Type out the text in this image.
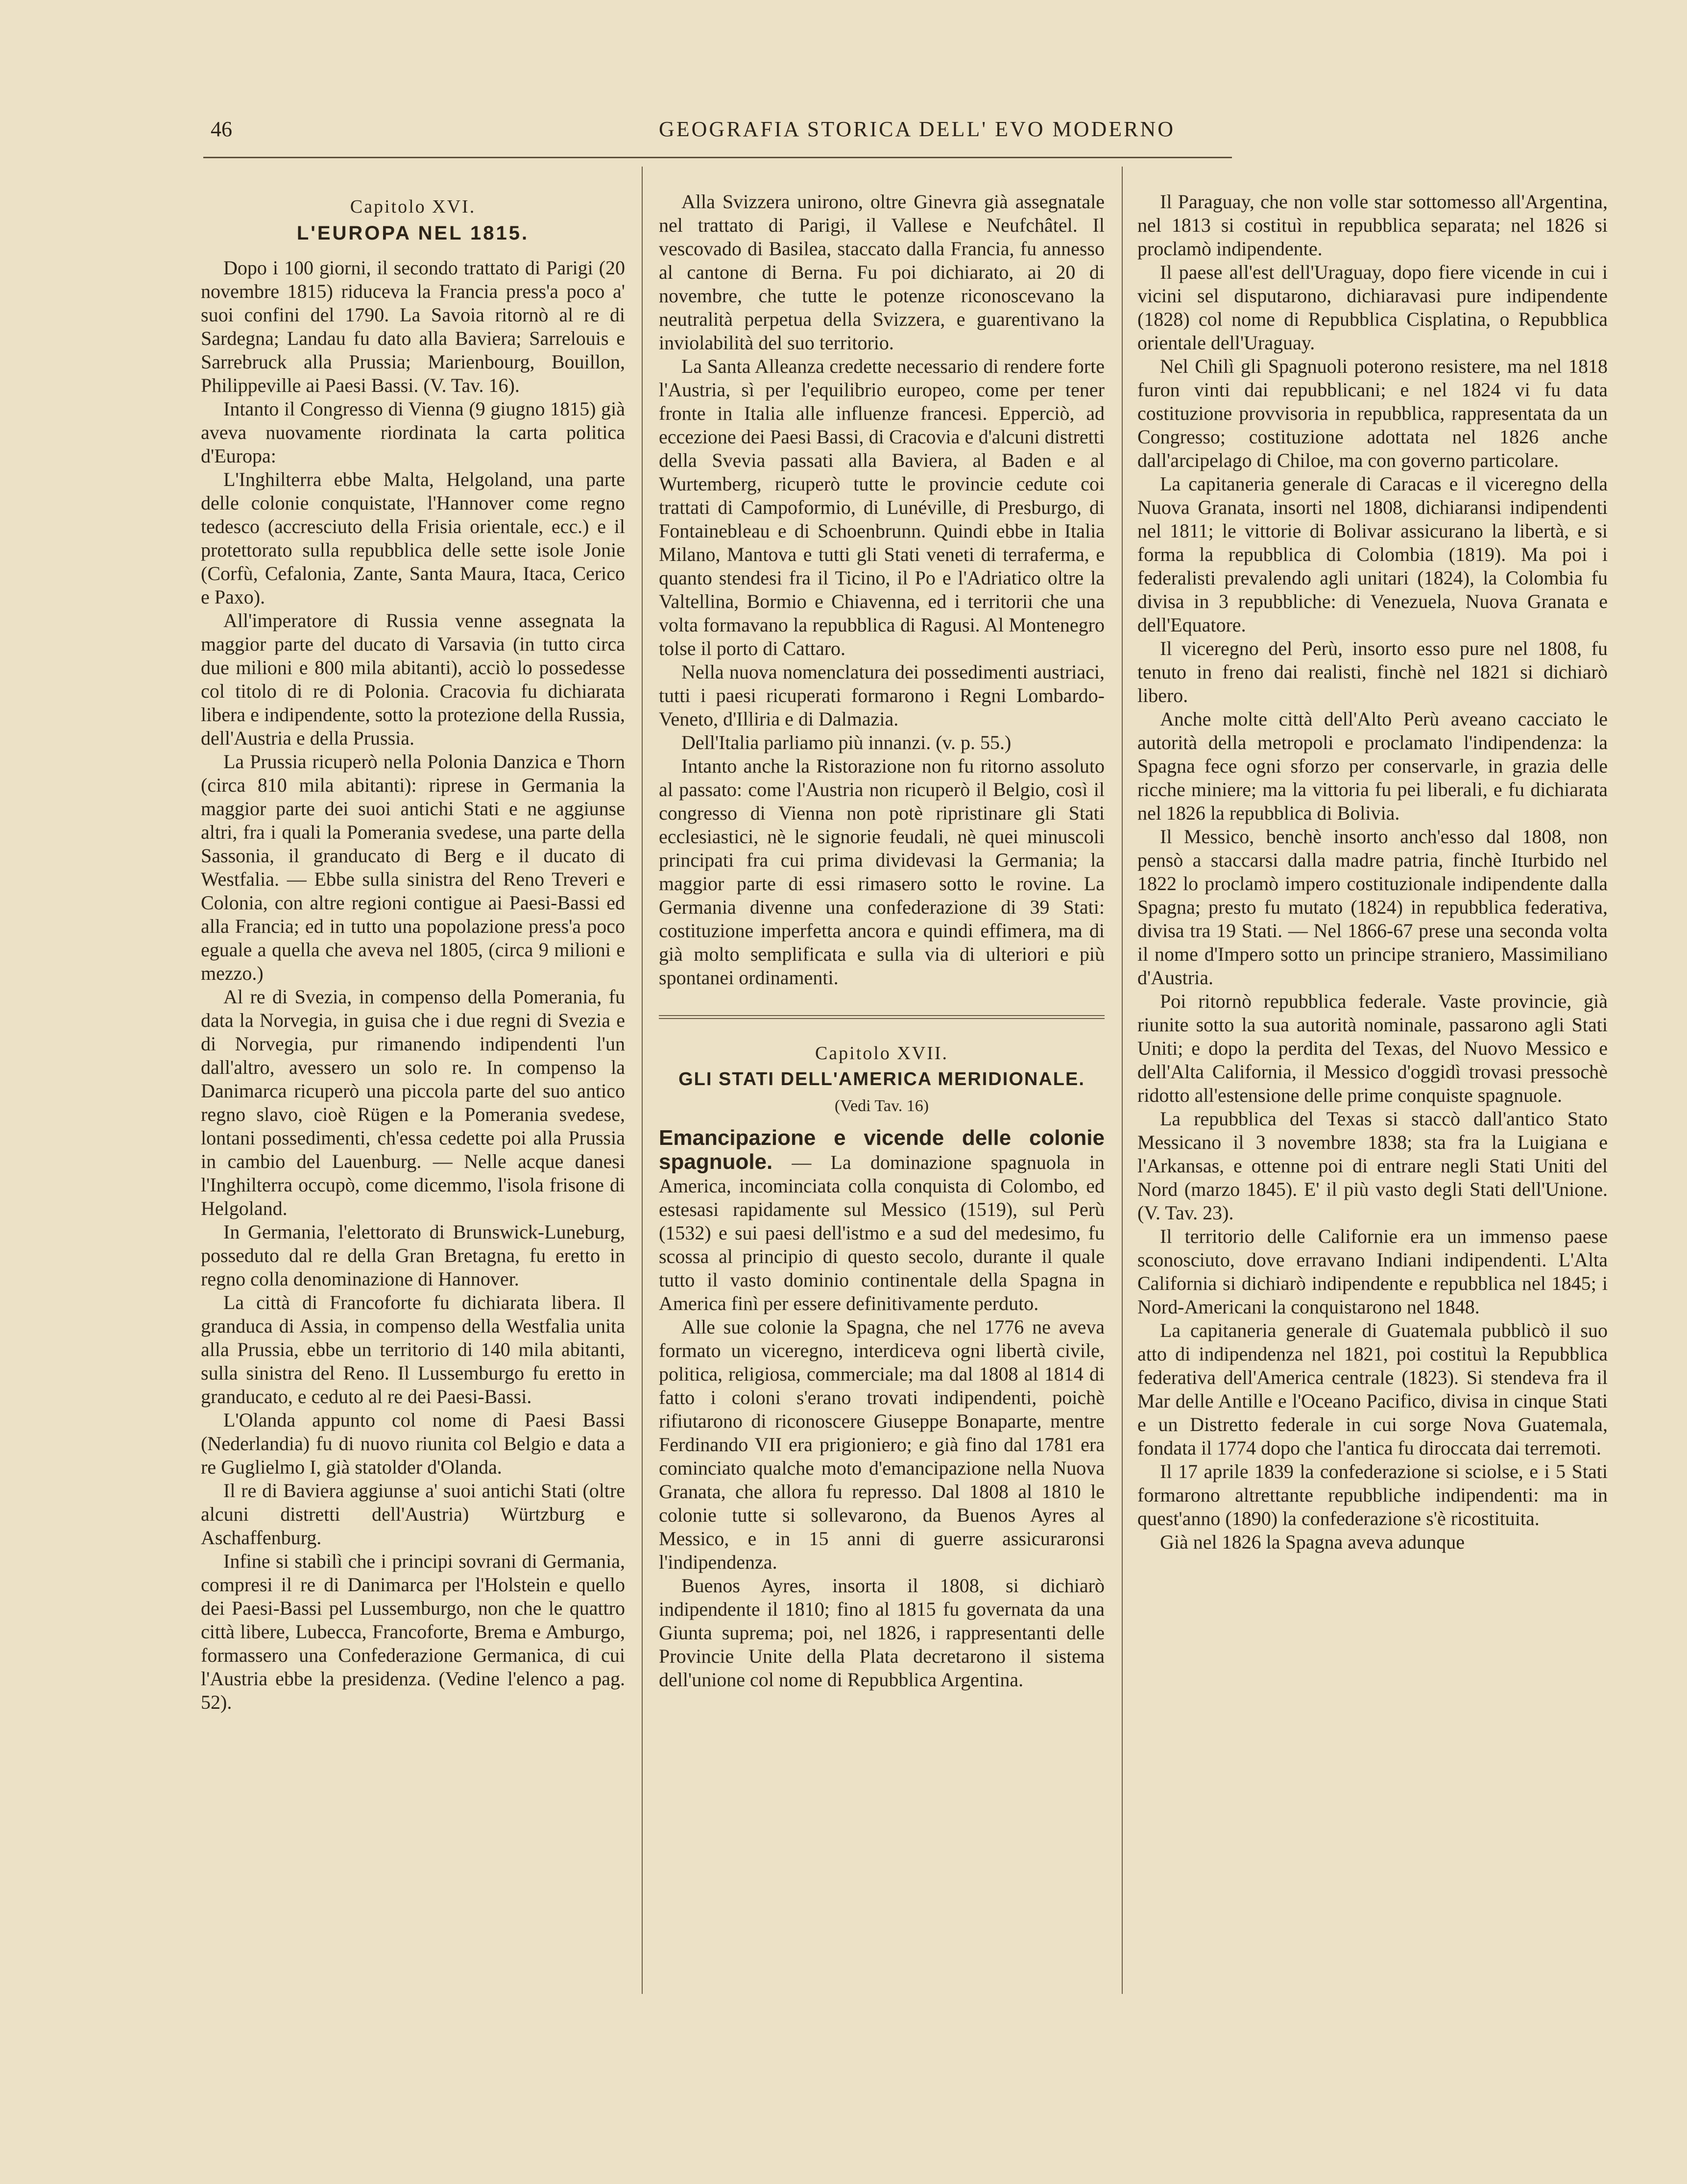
46	GEOGRAFIA STORICA DELL' EVO MODERNO
Capitolo XVI.
L'EUROPA NEL 1815.

Dopo i 100 giorni, il secondo trattato di Parigi (20 novembre 1815) riduceva la Francia press'a poco a' suoi confini del 1790. La Savoia ritornò al re di Sardegna; Landau fu dato alla Baviera; Sarrelouis e Sarrebruck alla Prussia; Marienbourg, Bouillon, Philippeville ai Paesi Bassi. (V. Tav. 16).

Intanto il Congresso di Vienna (9 giugno 1815) già aveva nuovamente riordinata la carta politica d'Europa:

L'Inghilterra ebbe Malta, Helgoland, una parte delle colonie conquistate, l'Hannover come regno tedesco (accresciuto della Frisia orientale, ecc.) e il protettorato sulla repubblica delle sette isole Jonie (Corfù, Cefalonia, Zante, Santa Maura, Itaca, Cerico e Paxo).

All'imperatore di Russia venne assegnata la maggior parte del ducato di Varsavia (in tutto circa due milioni e 800 mila abitanti), acciò lo possedesse col titolo di re di Polonia. Cracovia fu dichiarata libera e indipendente, sotto la protezione della Russia, dell'Austria e della Prussia.

La Prussia ricuperò nella Polonia Danzica e Thorn (circa 810 mila abitanti): riprese in Germania la maggior parte dei suoi antichi Stati e ne aggiunse altri, fra i quali la Pomerania svedese, una parte della Sassonia, il granducato di Berg e il ducato di Westfalia. — Ebbe sulla sinistra del Reno Treveri e Colonia, con altre regioni contigue ai Paesi-Bassi ed alla Francia; ed in tutto una popolazione press'a poco eguale a quella che aveva nel 1805, (circa 9 milioni e mezzo.)

Al re di Svezia, in compenso della Pomerania, fu data la Norvegia, in guisa che i due regni di Svezia e di Norvegia, pur rimanendo indipendenti l'un dall'altro, avessero un solo re. In compenso la Danimarca ricuperò una piccola parte del suo antico regno slavo, cioè Rügen e la Pomerania svedese, lontani possedimenti, ch'essa cedette poi alla Prussia in cambio del Lauenburg. — Nelle acque danesi l'Inghilterra occupò, come dicemmo, l'isola frisone di Helgoland.

In Germania, l'elettorato di Brunswick-Luneburg, posseduto dal re della Gran Bretagna, fu eretto in regno colla denominazione di Hannover.

La città di Francoforte fu dichiarata libera. Il granduca di Assia, in compenso della Westfalia unita alla Prussia, ebbe un territorio di 140 mila abitanti, sulla sinistra del Reno. Il Lussemburgo fu eretto in granducato, e ceduto al re dei Paesi-Bassi.

L'Olanda appunto col nome di Paesi Bassi (Nederlandia) fu di nuovo riunita col Belgio e data a re Guglielmo I, già statolder d'Olanda.

Il re di Baviera aggiunse a' suoi antichi Stati (oltre alcuni distretti dell'Austria) Würtzburg e Aschaffenburg.

Infine si stabilì che i principi sovrani di Germania, compresi il re di Danimarca per l'Holstein e quello dei Paesi-Bassi pel Lussemburgo, non che le quattro città libere, Lubecca, Francoforte, Brema e Amburgo, formassero una Confederazione Germanica, di cui l'Austria ebbe la presidenza. (Vedine l'elenco a pag. 52).

Alla Svizzera unirono, oltre Ginevra già assegnatale nel trattato di Parigi, il Vallese e Neufchâtel. Il vescovado di Basilea, staccato dalla Francia, fu annesso al cantone di Berna. Fu poi dichiarato, ai 20 di novembre, che tutte le potenze riconoscevano la neutralità perpetua della Svizzera, e guarentivano la inviolabilità del suo territorio.

La Santa Alleanza credette necessario di rendere forte l'Austria, sì per l'equilibrio europeo, come per tener fronte in Italia alle influenze francesi. Epperciò, ad eccezione dei Paesi Bassi, di Cracovia e d'alcuni distretti della Svevia passati alla Baviera, al Baden e al Wurtemberg, ricuperò tutte le provincie cedute coi trattati di Campoformio, di Lunéville, di Presburgo, di Fontainebleau e di Schoenbrunn. Quindi ebbe in Italia Milano, Mantova e tutti gli Stati veneti di terraferma, e quanto stendesi fra il Ticino, il Po e l'Adriatico oltre la Valtellina, Bormio e Chiavenna, ed i territorii che una volta formavano la repubblica di Ragusi. Al Montenegro tolse il porto di Cattaro.

Nella nuova nomenclatura dei possedimenti austriaci, tutti i paesi ricuperati formarono i Regni Lombardo-Veneto, d'Illiria e di Dalmazia.

Dell'Italia parliamo più innanzi. (v. p. 55.)

Intanto anche la Ristorazione non fu ritorno assoluto al passato: come l'Austria non ricuperò il Belgio, così il congresso di Vienna non potè ripristinare gli Stati ecclesiastici, nè le signorie feudali, nè quei minuscoli principati fra cui prima dividevasi la Germania; la maggior parte di essi rimasero sotto le rovine. La Germania divenne una confederazione di 39 Stati: costituzione imperfetta ancora e quindi effimera, ma di già molto semplificata e sulla via di ulteriori e più spontanei ordinamenti.

Capitolo XVII.
GLI STATI DELL'AMERICA MERIDIONALE.
(Vedi Tav. 16)

Emancipazione e vicende delle colonie spagnuole. — La dominazione spagnuola in America, incominciata colla conquista di Colombo, ed estesasi rapidamente sul Messico (1519), sul Perù (1532) e sui paesi dell'istmo e a sud del medesimo, fu scossa al principio di questo secolo, durante il quale tutto il vasto dominio continentale della Spagna in America finì per essere definitivamente perduto.

Alle sue colonie la Spagna, che nel 1776 ne aveva formato un viceregno, interdiceva ogni libertà civile, politica, religiosa, commerciale; ma dal 1808 al 1814 di fatto i coloni s'erano trovati indipendenti, poichè rifiutarono di riconoscere Giuseppe Bonaparte, mentre Ferdinando VII era prigioniero; e già fino dal 1781 era cominciato qualche moto d'emancipazione nella Nuova Granata, che allora fu represso. Dal 1808 al 1810 le colonie tutte si sollevarono, da Buenos Ayres al Messico, e in 15 anni di guerre assicuraronsi l'indipendenza.

Buenos Ayres, insorta il 1808, si dichiarò indipendente il 1810; fino al 1815 fu governata da una Giunta suprema; poi, nel 1826, i rappresentanti delle Provincie Unite della Plata decretarono il sistema dell'unione col nome di Repubblica Argentina.

Il Paraguay, che non volle star sottomesso all'Argentina, nel 1813 si costituì in repubblica separata; nel 1826 si proclamò indipendente.

Il paese all'est dell'Uraguay, dopo fiere vicende in cui i vicini sel disputarono, dichiaravasi pure indipendente (1828) col nome di Repubblica Cisplatina, o Repubblica orientale dell'Uraguay.

Nel Chilì gli Spagnuoli poterono resistere, ma nel 1818 furon vinti dai repubblicani; e nel 1824 vi fu data costituzione provvisoria in repubblica, rappresentata da un Congresso; costituzione adottata nel 1826 anche dall'arcipelago di Chiloe, ma con governo particolare.

La capitaneria generale di Caracas e il viceregno della Nuova Granata, insorti nel 1808, dichiaransi indipendenti nel 1811; le vittorie di Bolivar assicurano la libertà, e si forma la repubblica di Colombia (1819). Ma poi i federalisti prevalendo agli unitari (1824), la Colombia fu divisa in 3 repubbliche: di Venezuela, Nuova Granata e dell'Equatore.

Il viceregno del Perù, insorto esso pure nel 1808, fu tenuto in freno dai realisti, finchè nel 1821 si dichiarò libero.

Anche molte città dell'Alto Perù aveano cacciato le autorità della metropoli e proclamato l'indipendenza: la Spagna fece ogni sforzo per conservarle, in grazia delle ricche miniere; ma la vittoria fu pei liberali, e fu dichiarata nel 1826 la repubblica di Bolivia.

Il Messico, benchè insorto anch'esso dal 1808, non pensò a staccarsi dalla madre patria, finchè Iturbido nel 1822 lo proclamò impero costituzionale indipendente dalla Spagna; presto fu mutato (1824) in repubblica federativa, divisa tra 19 Stati. — Nel 1866-67 prese una seconda volta il nome d'Impero sotto un principe straniero, Massimiliano d'Austria.

Poi ritornò repubblica federale. Vaste provincie, già riunite sotto la sua autorità nominale, passarono agli Stati Uniti; e dopo la perdita del Texas, del Nuovo Messico e dell'Alta California, il Messico d'oggidì trovasi pressochè ridotto all'estensione delle prime conquiste spagnuole.

La repubblica del Texas si staccò dall'antico Stato Messicano il 3 novembre 1838; sta fra la Luigiana e l'Arkansas, e ottenne poi di entrare negli Stati Uniti del Nord (marzo 1845). E' il più vasto degli Stati dell'Unione. (V. Tav. 23).

Il territorio delle Californie era un immenso paese sconosciuto, dove erravano Indiani indipendenti. L'Alta California si dichiarò indipendente e repubblica nel 1845; i Nord-Americani la conquistarono nel 1848.

La capitaneria generale di Guatemala pubblicò il suo atto di indipendenza nel 1821, poi costituì la Repubblica federativa dell'America centrale (1823). Si stendeva fra il Mar delle Antille e l'Oceano Pacifico, divisa in cinque Stati e un Distretto federale in cui sorge Nova Guatemala, fondata il 1774 dopo che l'antica fu diroccata dai terremoti.

Il 17 aprile 1839 la confederazione si sciolse, e i 5 Stati formarono altrettante repubbliche indipendenti: ma in quest'anno (1890) la confederazione s'è ricostituita.

Già nel 1826 la Spagna aveva adunque
